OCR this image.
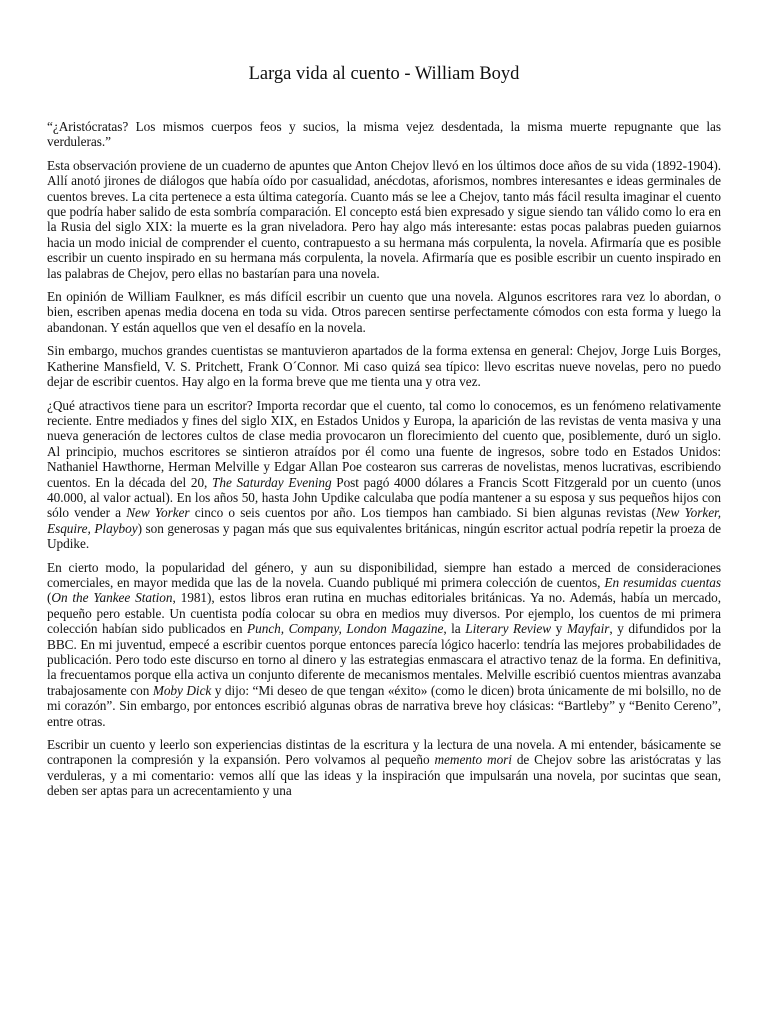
Larga vida al cuento - William Boyd

“¿Aristócratas? Los mismos cuerpos feos y sucios, la misma vejez desdentada, la misma muerte repugnante que las verduleras.”

Esta observación proviene de un cuaderno de apuntes que Anton Chejov llevó en los últimos doce años de su vida (1892-1904). Allí anotó jirones de diálogos que había oído por casualidad, anécdotas, aforismos, nombres interesantes e ideas germinales de cuentos breves. La cita pertenece a esta última categoría. Cuanto más se lee a Chejov, tanto más fácil resulta imaginar el cuento que podría haber salido de esta sombría comparación. El concepto está bien expresado y sigue siendo tan válido como lo era en la Rusia del siglo XIX: la muerte es la gran niveladora. Pero hay algo más interesante: estas pocas palabras pueden guiarnos hacia un modo inicial de comprender el cuento, contrapuesto a su hermana más corpulenta, la novela. Afirmaría que es posible escribir un cuento inspirado en su hermana más corpulenta, la novela. Afirmaría que es posible escribir un cuento inspirado en las palabras de Chejov, pero ellas no bastarían para una novela.

En opinión de William Faulkner, es más difícil escribir un cuento que una novela. Algunos escritores rara vez lo abordan, o bien, escriben apenas media docena en toda su vida. Otros parecen sentirse perfectamente cómodos con esta forma y luego la abandonan. Y están aquellos que ven el desafío en la novela.

Sin embargo, muchos grandes cuentistas se mantuvieron apartados de la forma extensa en general: Chejov, Jorge Luis Borges, Katherine Mansfield, V. S. Pritchett, Frank O´Connor. Mi caso quizá sea típico: llevo escritas nueve novelas, pero no puedo dejar de escribir cuentos. Hay algo en la forma breve que me tienta una y otra vez.

¿Qué atractivos tiene para un escritor? Importa recordar que el cuento, tal como lo conocemos, es un fenómeno relativamente reciente. Entre mediados y fines del siglo XIX, en Estados Unidos y Europa, la aparición de las revistas de venta masiva y una nueva generación de lectores cultos de clase media provocaron un florecimiento del cuento que, posiblemente, duró un siglo. Al principio, muchos escritores se sintieron atraídos por él como una fuente de ingresos, sobre todo en Estados Unidos: Nathaniel Hawthorne, Herman Melville y Edgar Allan Poe costearon sus carreras de novelistas, menos lucrativas, escribiendo cuentos. En la década del 20, The Saturday Evening Post pagó 4000 dólares a Francis Scott Fitzgerald por un cuento (unos 40.000, al valor actual). En los años 50, hasta John Updike calculaba que podía mantener a su esposa y sus pequeños hijos con sólo vender a New Yorker cinco o seis cuentos por año. Los tiempos han cambiado. Si bien algunas revistas (New Yorker, Esquire, Playboy) son generosas y pagan más que sus equivalentes británicas, ningún escritor actual podría repetir la proeza de Updike.

En cierto modo, la popularidad del género, y aun su disponibilidad, siempre han estado a merced de consideraciones comerciales, en mayor medida que las de la novela. Cuando publiqué mi primera colección de cuentos, En resumidas cuentas (On the Yankee Station, 1981), estos libros eran rutina en muchas editoriales británicas. Ya no. Además, había un mercado, pequeño pero estable. Un cuentista podía colocar su obra en medios muy diversos. Por ejemplo, los cuentos de mi primera colección habían sido publicados en Punch, Company, London Magazine, la Literary Review y Mayfair, y difundidos por la BBC. En mi juventud, empecé a escribir cuentos porque entonces parecía lógico hacerlo: tendría las mejores probabilidades de publicación. Pero todo este discurso en torno al dinero y las estrategias enmascara el atractivo tenaz de la forma. En definitiva, la frecuentamos porque ella activa un conjunto diferente de mecanismos mentales. Melville escribió cuentos mientras avanzaba trabajosamente con Moby Dick y dijo: “Mi deseo de que tengan «éxito» (como le dicen) brota únicamente de mi bolsillo, no de mi corazón”. Sin embargo, por entonces escribió algunas obras de narrativa breve hoy clásicas: “Bartleby” y “Benito Cereno”, entre otras.

Escribir un cuento y leerlo son experiencias distintas de la escritura y la lectura de una novela. A mi entender, básicamente se contraponen la compresión y la expansión. Pero volvamos al pequeño memento mori de Chejov sobre las aristócratas y las verduleras, y a mi comentario: vemos allí que las ideas y la inspiración que impulsarán una novela, por sucintas que sean, deben ser aptas para un acrecentamiento y una
